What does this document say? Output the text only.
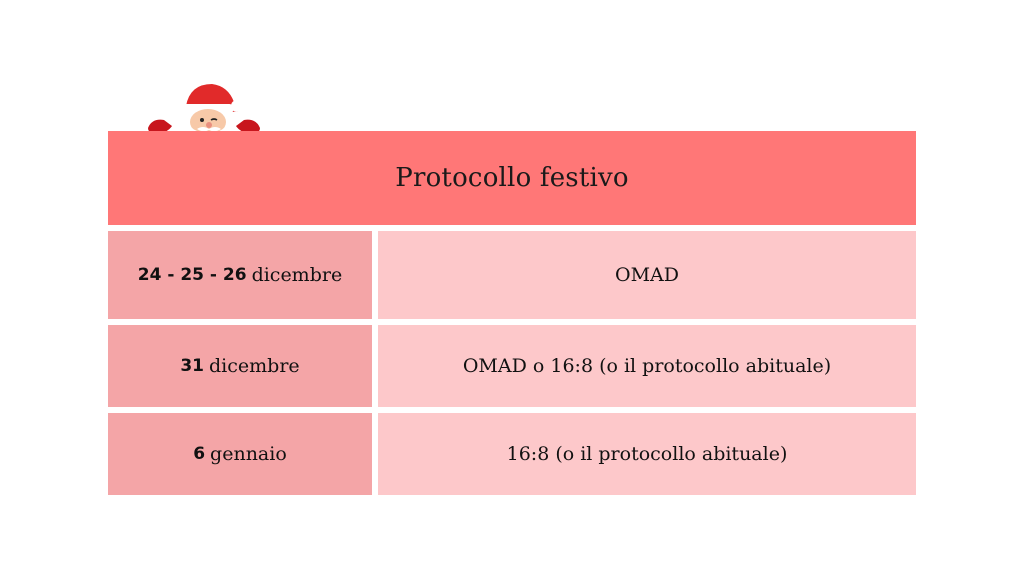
Protocollo festivo
24 - 25 - 26 dicembre	OMAD
31 dicembre	OMAD o 16:8 (o il protocollo abituale)
6 gennaio	16:8 (o il protocollo abituale)
